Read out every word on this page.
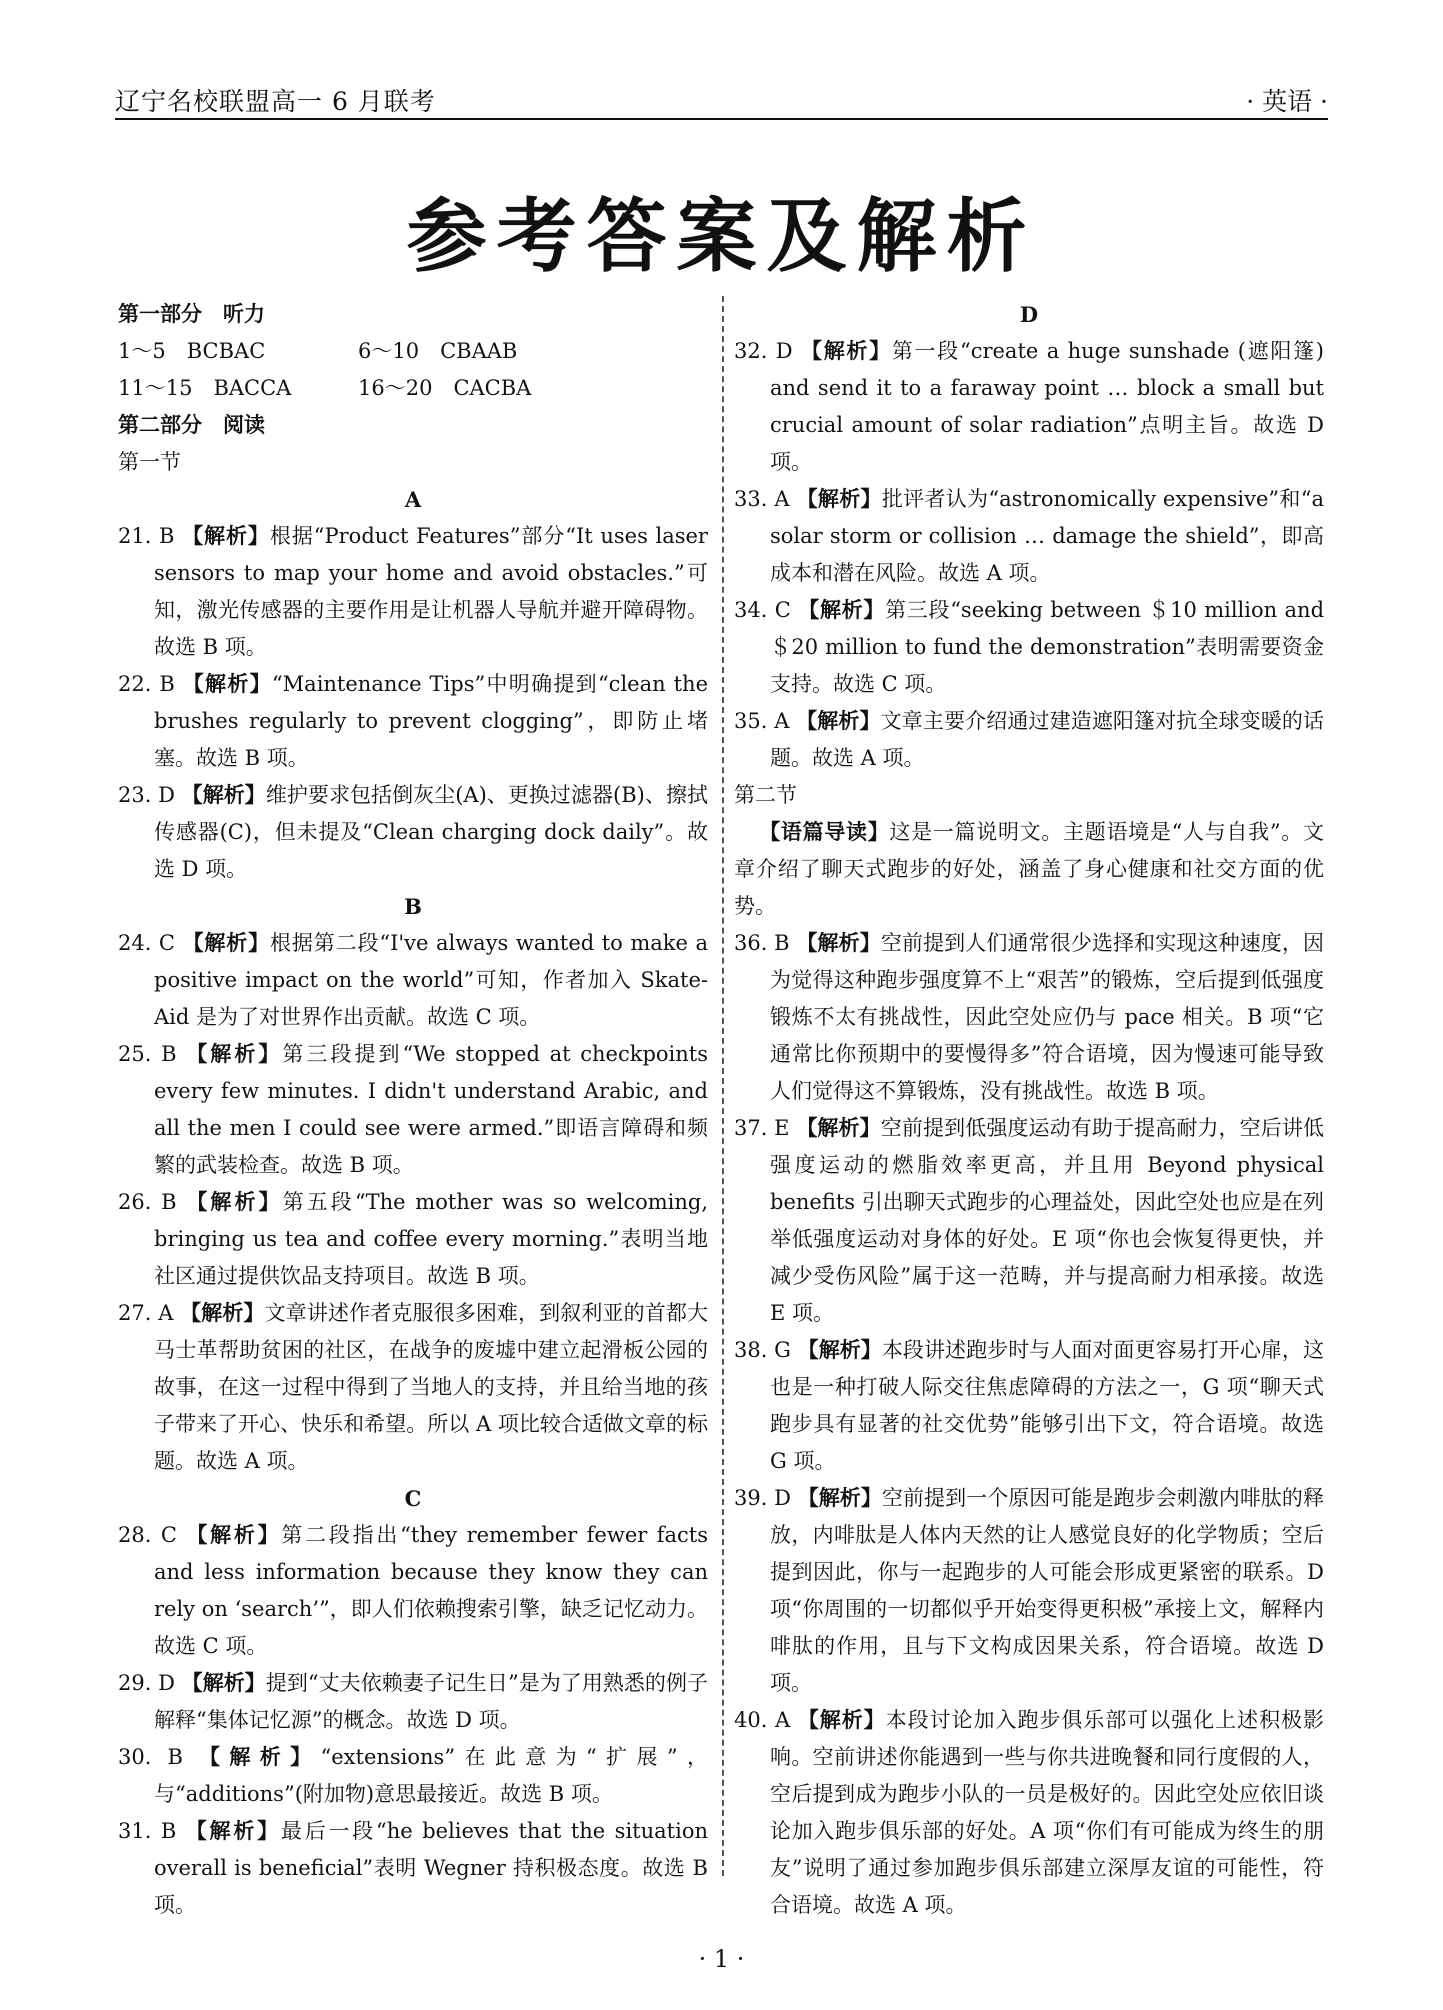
辽宁名校联盟高一 6 月联考	· 英语 ·
参考答案及解析
第一部分　听力
1～5　BCBAC	6～10　CBAAB
11～15　BACCA	16～20　CACBA
第二部分　阅读
第一节
A
21. B 【解析】根据“Product Features”部分“It uses laser sensors to map your home and avoid obstacles.”可知，激光传感器的主要作用是让机器人导航并避开障碍物。故选 B 项。
22. B 【解析】“Maintenance Tips”中明确提到“clean the brushes regularly to prevent clogging”，即防止堵塞。故选 B 项。
23. D 【解析】维护要求包括倒灰尘(A)、更换过滤器(B)、擦拭传感器(C)，但未提及“Clean charging dock daily”。故选 D 项。
B
24. C 【解析】根据第二段“I've always wanted to make a positive impact on the world”可知，作者加入 Skate-Aid 是为了对世界作出贡献。故选 C 项。
25. B 【解析】第三段提到“We stopped at checkpoints every few minutes. I didn't understand Arabic, and all the men I could see were armed.”即语言障碍和频繁的武装检查。故选 B 项。
26. B 【解析】第五段“The mother was so welcoming, bringing us tea and coffee every morning.”表明当地社区通过提供饮品支持项目。故选 B 项。
27. A 【解析】文章讲述作者克服很多困难，到叙利亚的首都大马士革帮助贫困的社区，在战争的废墟中建立起滑板公园的故事，在这一过程中得到了当地人的支持，并且给当地的孩子带来了开心、快乐和希望。所以 A 项比较合适做文章的标题。故选 A 项。
C
28. C 【解析】第二段指出“they remember fewer facts and less information because they know they can rely on ‘search’”，即人们依赖搜索引擎，缺乏记忆动力。故选 C 项。
29. D 【解析】提到“丈夫依赖妻子记生日”是为了用熟悉的例子解释“集体记忆源”的概念。故选 D 项。
30. B 【解析】“extensions”在此意为“扩展”，与“additions”(附加物)意思最接近。故选 B 项。
31. B 【解析】最后一段“he believes that the situation overall is beneficial”表明 Wegner 持积极态度。故选 B 项。
D
32. D 【解析】第一段“create a huge sunshade (遮阳篷) and send it to a faraway point … block a small but crucial amount of solar radiation”点明主旨。故选 D 项。
33. A 【解析】批评者认为“astronomically expensive”和“a solar storm or collision … damage the shield”，即高成本和潜在风险。故选 A 项。
34. C 【解析】第三段“seeking between ＄10 million and ＄20 million to fund the demonstration”表明需要资金支持。故选 C 项。
35. A 【解析】文章主要介绍通过建造遮阳篷对抗全球变暖的话题。故选 A 项。
第二节
【语篇导读】这是一篇说明文。主题语境是“人与自我”。文章介绍了聊天式跑步的好处，涵盖了身心健康和社交方面的优势。
36. B 【解析】空前提到人们通常很少选择和实现这种速度，因为觉得这种跑步强度算不上“艰苦”的锻炼，空后提到低强度锻炼不太有挑战性，因此空处应仍与 pace 相关。B 项“它通常比你预期中的要慢得多”符合语境，因为慢速可能导致人们觉得这不算锻炼，没有挑战性。故选 B 项。
37. E 【解析】空前提到低强度运动有助于提高耐力，空后讲低强度运动的燃脂效率更高，并且用 Beyond physical benefits 引出聊天式跑步的心理益处，因此空处也应是在列举低强度运动对身体的好处。E 项“你也会恢复得更快，并减少受伤风险”属于这一范畴，并与提高耐力相承接。故选 E 项。
38. G 【解析】本段讲述跑步时与人面对面更容易打开心扉，这也是一种打破人际交往焦虑障碍的方法之一，G 项“聊天式跑步具有显著的社交优势”能够引出下文，符合语境。故选 G 项。
39. D 【解析】空前提到一个原因可能是跑步会刺激内啡肽的释放，内啡肽是人体内天然的让人感觉良好的化学物质；空后提到因此，你与一起跑步的人可能会形成更紧密的联系。D 项“你周围的一切都似乎开始变得更积极”承接上文，解释内啡肽的作用，且与下文构成因果关系，符合语境。故选 D 项。
40. A 【解析】本段讨论加入跑步俱乐部可以强化上述积极影响。空前讲述你能遇到一些与你共进晚餐和同行度假的人，空后提到成为跑步小队的一员是极好的。因此空处应依旧谈论加入跑步俱乐部的好处。A 项“你们有可能成为终生的朋友”说明了通过参加跑步俱乐部建立深厚友谊的可能性，符合语境。故选 A 项。
· 1 ·
